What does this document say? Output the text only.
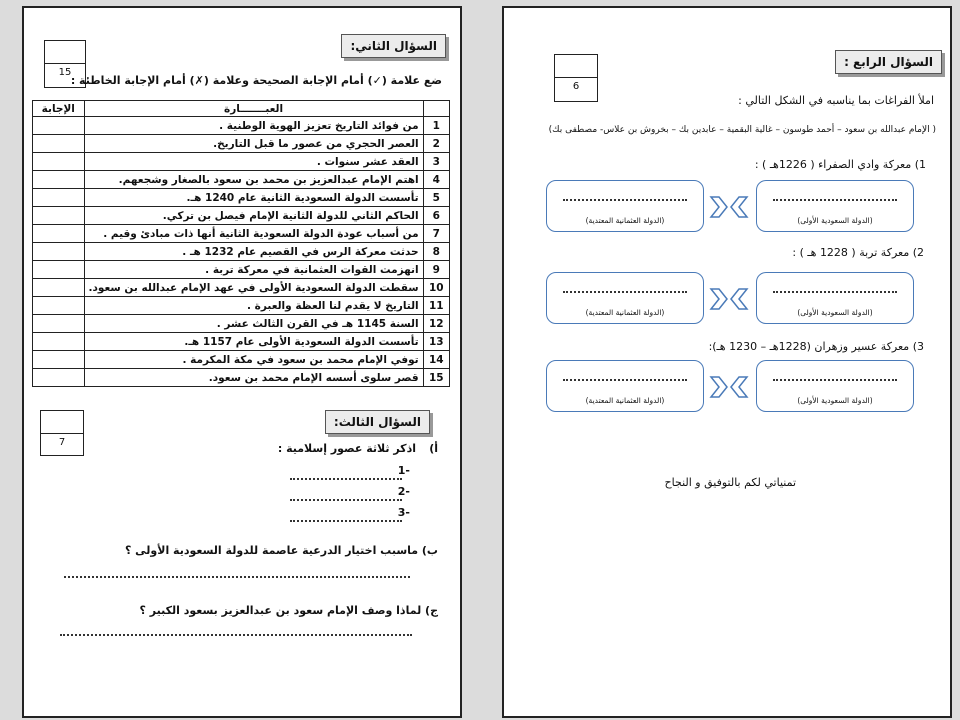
15
السؤال الثاني:
ضع علامة (✓) أمام الإجابة الصحيحة وعلامة (✗) أمام الإجابة الخاطئة :
	العبـــــــارة	الإجابة
1	من فوائد التاريخ تعزيز الهوية الوطنية .	
2	العصر الحجري من عصور ما قبل التاريخ.	
3	العقد عشر سنوات .	
4	اهتم الإمام عبدالعزيز بن محمد بن سعود بالصغار وشجعهم.	
5	تأسست الدولة السعودية الثانية عام 1240 هـ.	
6	الحاكم الثاني للدولة الثانية الإمام فيصل بن تركي.	
7	من أسباب عودة الدولة السعودية الثانية أنها ذات مبادئ وقيم .	
8	حدثت معركة الرس في القصيم عام 1232 هـ .	
9	انهزمت القوات العثمانية في معركة تربة .	
10	سقطت الدولة السعودية الأولى في عهد الإمام عبدالله بن سعود.	
11	التاريخ لا يقدم لنا العظة والعبرة .	
12	السنة 1145 هـ في القرن الثالث عشر .	
13	تأسست الدولة السعودية الأولى عام 1157 هـ.	
14	توفي الإمام محمد بن سعود في مكة المكرمة .	
15	قصر سلوى أسسه الإمام محمد بن سعود.	
7
السؤال الثالث:
أ)
اذكر ثلاثة عصور إسلامية :
-1
-2
-3
ب) ماسبب اختيار الدرعية عاصمة للدولة السعودية الأولى ؟
ج) لماذا وصف الإمام سعود بن عبدالعزيز بسعود الكبير ؟
6
السؤال الرابع :
املأ الفراغات بما يناسبه في الشكل التالي :
( الإمام عبدالله بن سعود – أحمد طوسون – غالية البقمية – عابدين بك – بخروش بن علاس- مصطفى بك)
1) معركة وادي الصفراء ( 1226هـ ) :
(الدولة السعودية الأولى)
(الدولة العثمانية المعتدية)
2) معركة تربة ( 1228 هـ ) :
(الدولة السعودية الأولى)
(الدولة العثمانية المعتدية)
3) معركة عسير وزهران (1228هـ – 1230 هـ):
(الدولة السعودية الأولى)
(الدولة العثمانية المعتدية)
تمنياتي لكم بالتوفيق و النجاح
